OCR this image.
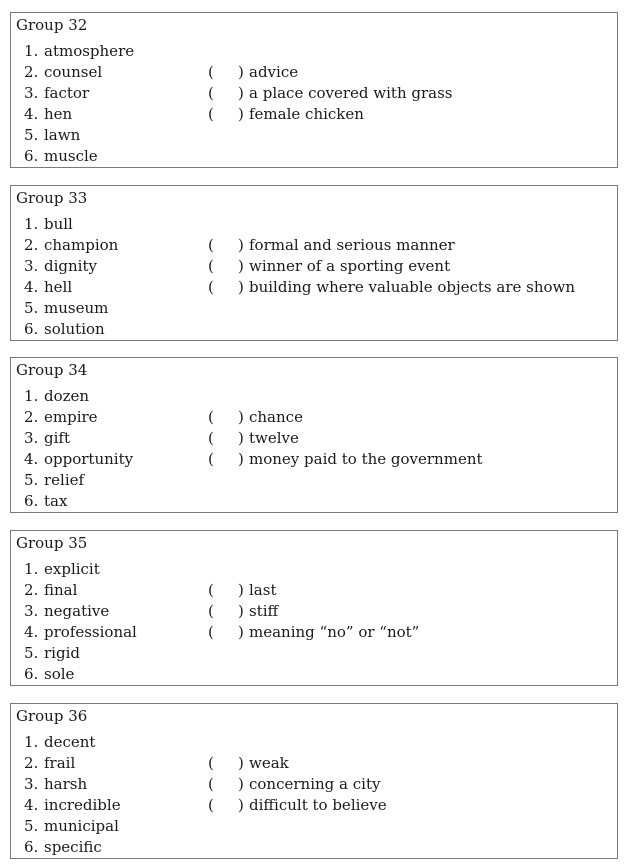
Group 32
1. atmosphere
2. counsel	( ) advice
3. factor	( ) a place covered with grass
4. hen	( ) female chicken
5. lawn
6. muscle
Group 33
1. bull
2. champion	( ) formal and serious manner
3. dignity	( ) winner of a sporting event
4. hell	( ) building where valuable objects are shown
5. museum
6. solution
Group 34
1. dozen
2. empire	( ) chance
3. gift	( ) twelve
4. opportunity	( ) money paid to the government
5. relief
6. tax
Group 35
1. explicit
2. final	( ) last
3. negative	( ) stiff
4. professional	( ) meaning “no” or “not”
5. rigid
6. sole
Group 36
1. decent
2. frail	( ) weak
3. harsh	( ) concerning a city
4. incredible	( ) difficult to believe
5. municipal
6. specific
